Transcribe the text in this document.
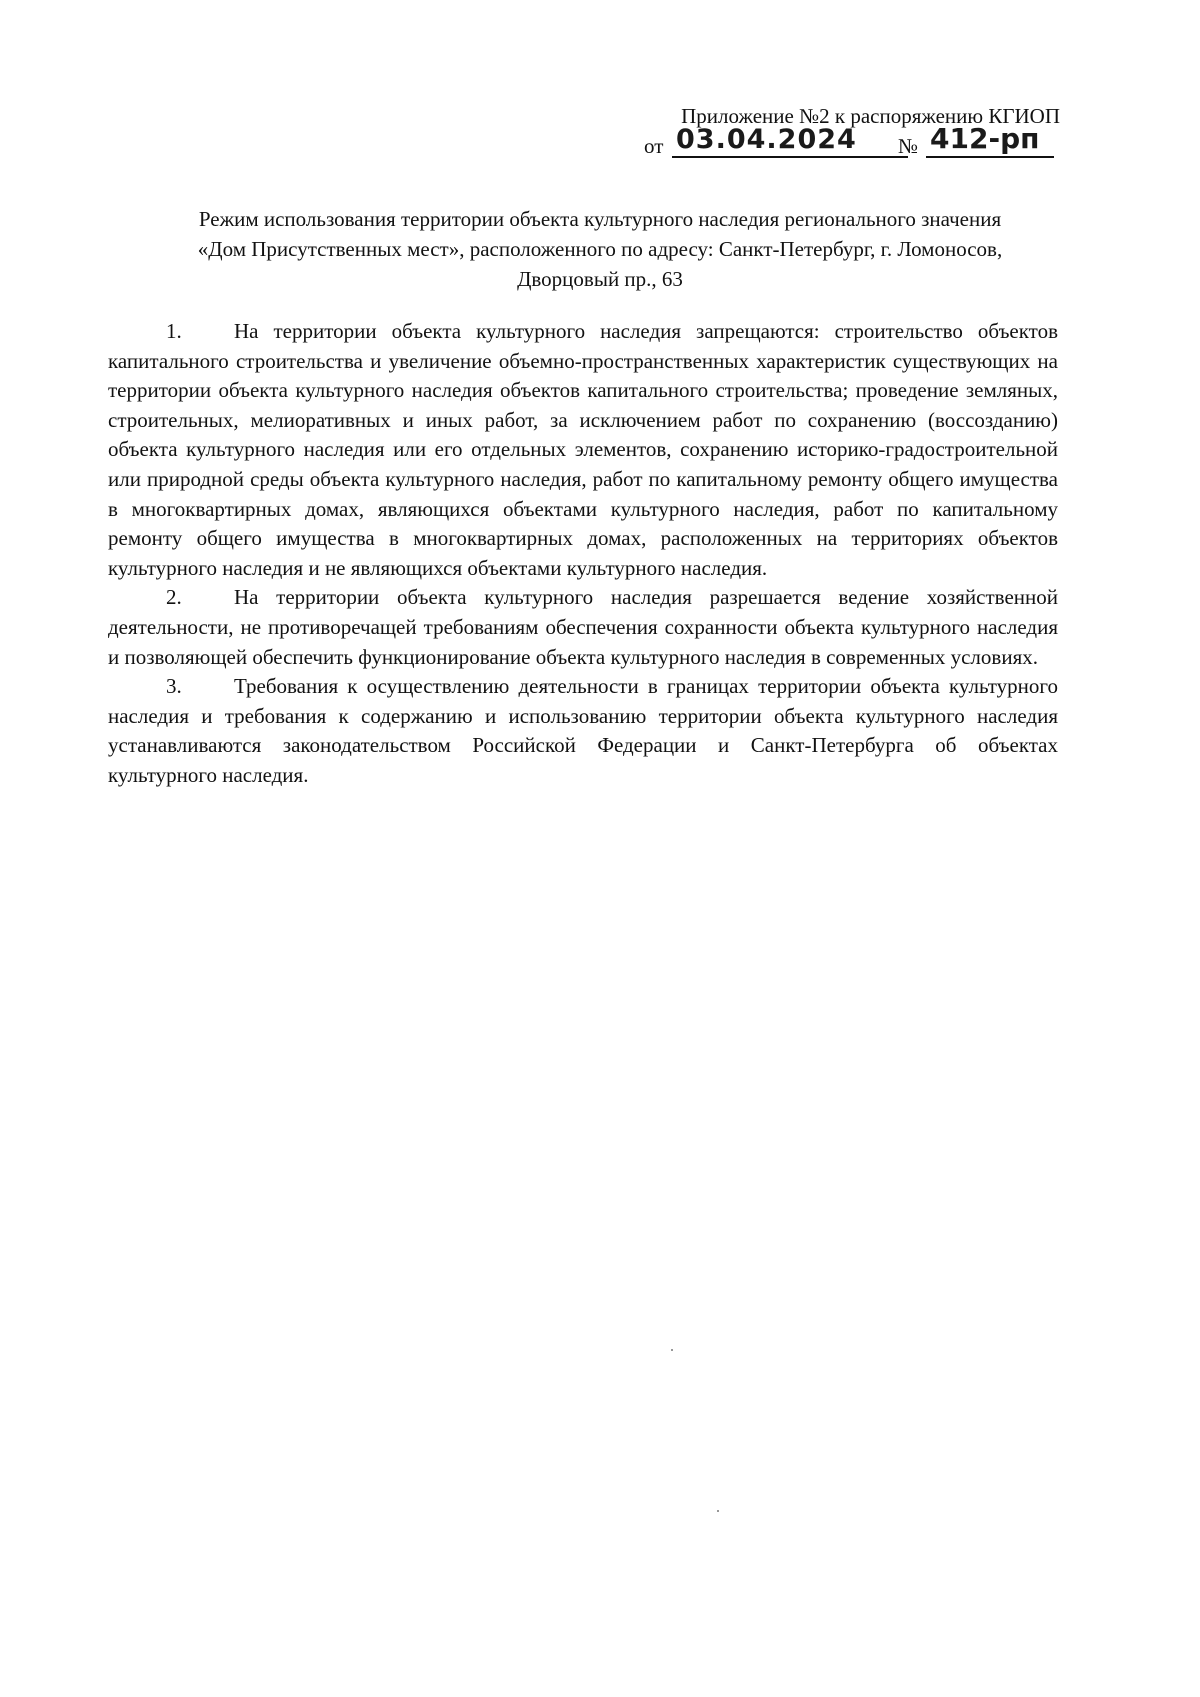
Приложение №2 к распоряжению КГИОП
от 03.04.2024	№ 412-рп
Режим использования территории объекта культурного наследия регионального значения
«Дом Присутственных мест», расположенного по адресу: Санкт-Петербург, г. Ломоносов,
Дворцовый пр., 63

1. На территории объекта культурного наследия запрещаются: строительство объектов капитального строительства и увеличение объемно-пространственных характеристик существующих на территории объекта культурного наследия объектов капитального строительства; проведение земляных, строительных, мелиоративных и иных работ, за исключением работ по сохранению (воссозданию) объекта культурного наследия или его отдельных элементов, сохранению историко-градостроительной или природной среды объекта культурного наследия, работ по капитальному ремонту общего имущества в многоквартирных домах, являющихся объектами культурного наследия, работ по капитальному ремонту общего имущества в многоквартирных домах, расположенных на территориях объектов культурного наследия и не являющихся объектами культурного наследия.

2. На территории объекта культурного наследия разрешается ведение хозяйственной деятельности, не противоречащей требованиям обеспечения сохранности объекта культурного наследия и позволяющей обеспечить функционирование объекта культурного наследия в современных условиях.

3. Требования к осуществлению деятельности в границах территории объекта культурного наследия и требования к содержанию и использованию территории объекта культурного наследия устанавливаются законодательством Российской Федерации и Санкт-Петербурга об объектах культурного наследия.
